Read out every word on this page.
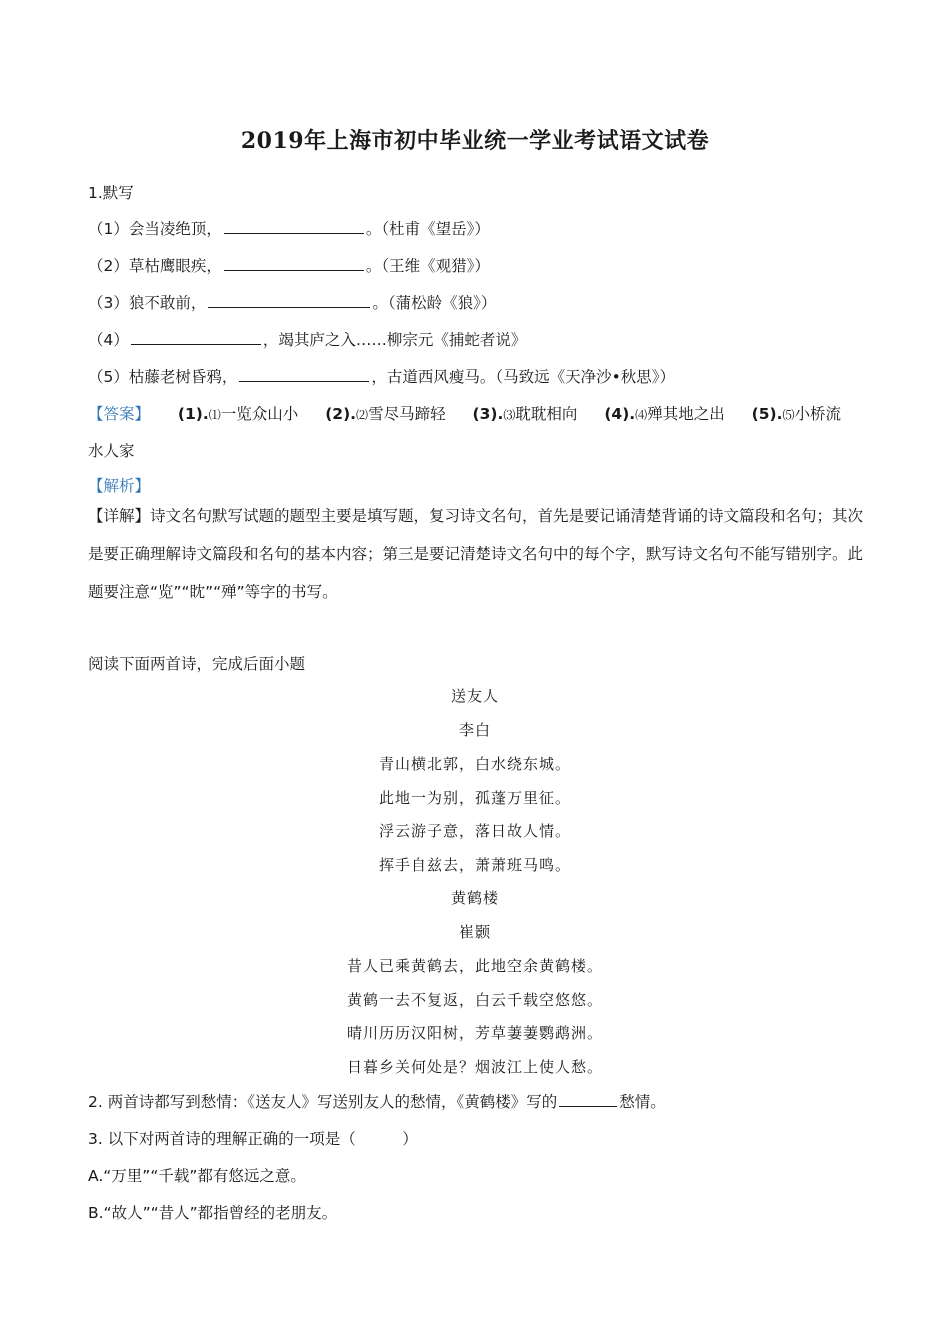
2019年上海市初中毕业统一学业考试语文试卷
1.默写
（1）会当凌绝顶，	。（杜甫《望岳》）
（2）草枯鹰眼疾，	。（王维《观猎》）
（3）狼不敢前，	。（蒲松龄《狼》）
（4）	，竭其庐之入……柳宗元《捕蛇者说》
（5）枯藤老树昏鸦，	，古道西风瘦马。（马致远《天净沙•秋思》）
【答案】 (1).⑴一览众山小 (2).⑵雪尽马蹄轻 (3).⑶耽耽相向 (4).⑷殚其地之出 (5).⑸小桥流
水人家
【解析】
【详解】诗文名句默写试题的题型主要是填写题，复习诗文名句，首先是要记诵清楚背诵的诗文篇段和名句；其次是要正确理解诗文篇段和名句的基本内容；第三是要记清楚诗文名句中的每个字，默写诗文名句不能写错别字。此题要注意“览”“眈”“殚”等字的书写。
阅读下面两首诗，完成后面小题
送友人
李白
青山横北郭，白水绕东城。
此地一为别，孤蓬万里征。
浮云游子意，落日故人情。
挥手自兹去，萧萧班马鸣。
黄鹤楼
崔颢
昔人已乘黄鹤去，此地空余黄鹤楼。
黄鹤一去不复返，白云千载空悠悠。
晴川历历汉阳树，芳草萋萋鹦鹉洲。
日暮乡关何处是？烟波江上使人愁。
2. 两首诗都写到愁情：《送友人》写送别友人的愁情，《黄鹤楼》写的	愁情。
3. 以下对两首诗的理解正确的一项是（　　　）
A.“万里”“千载”都有悠远之意。
B.“故人”“昔人”都指曾经的老朋友。
